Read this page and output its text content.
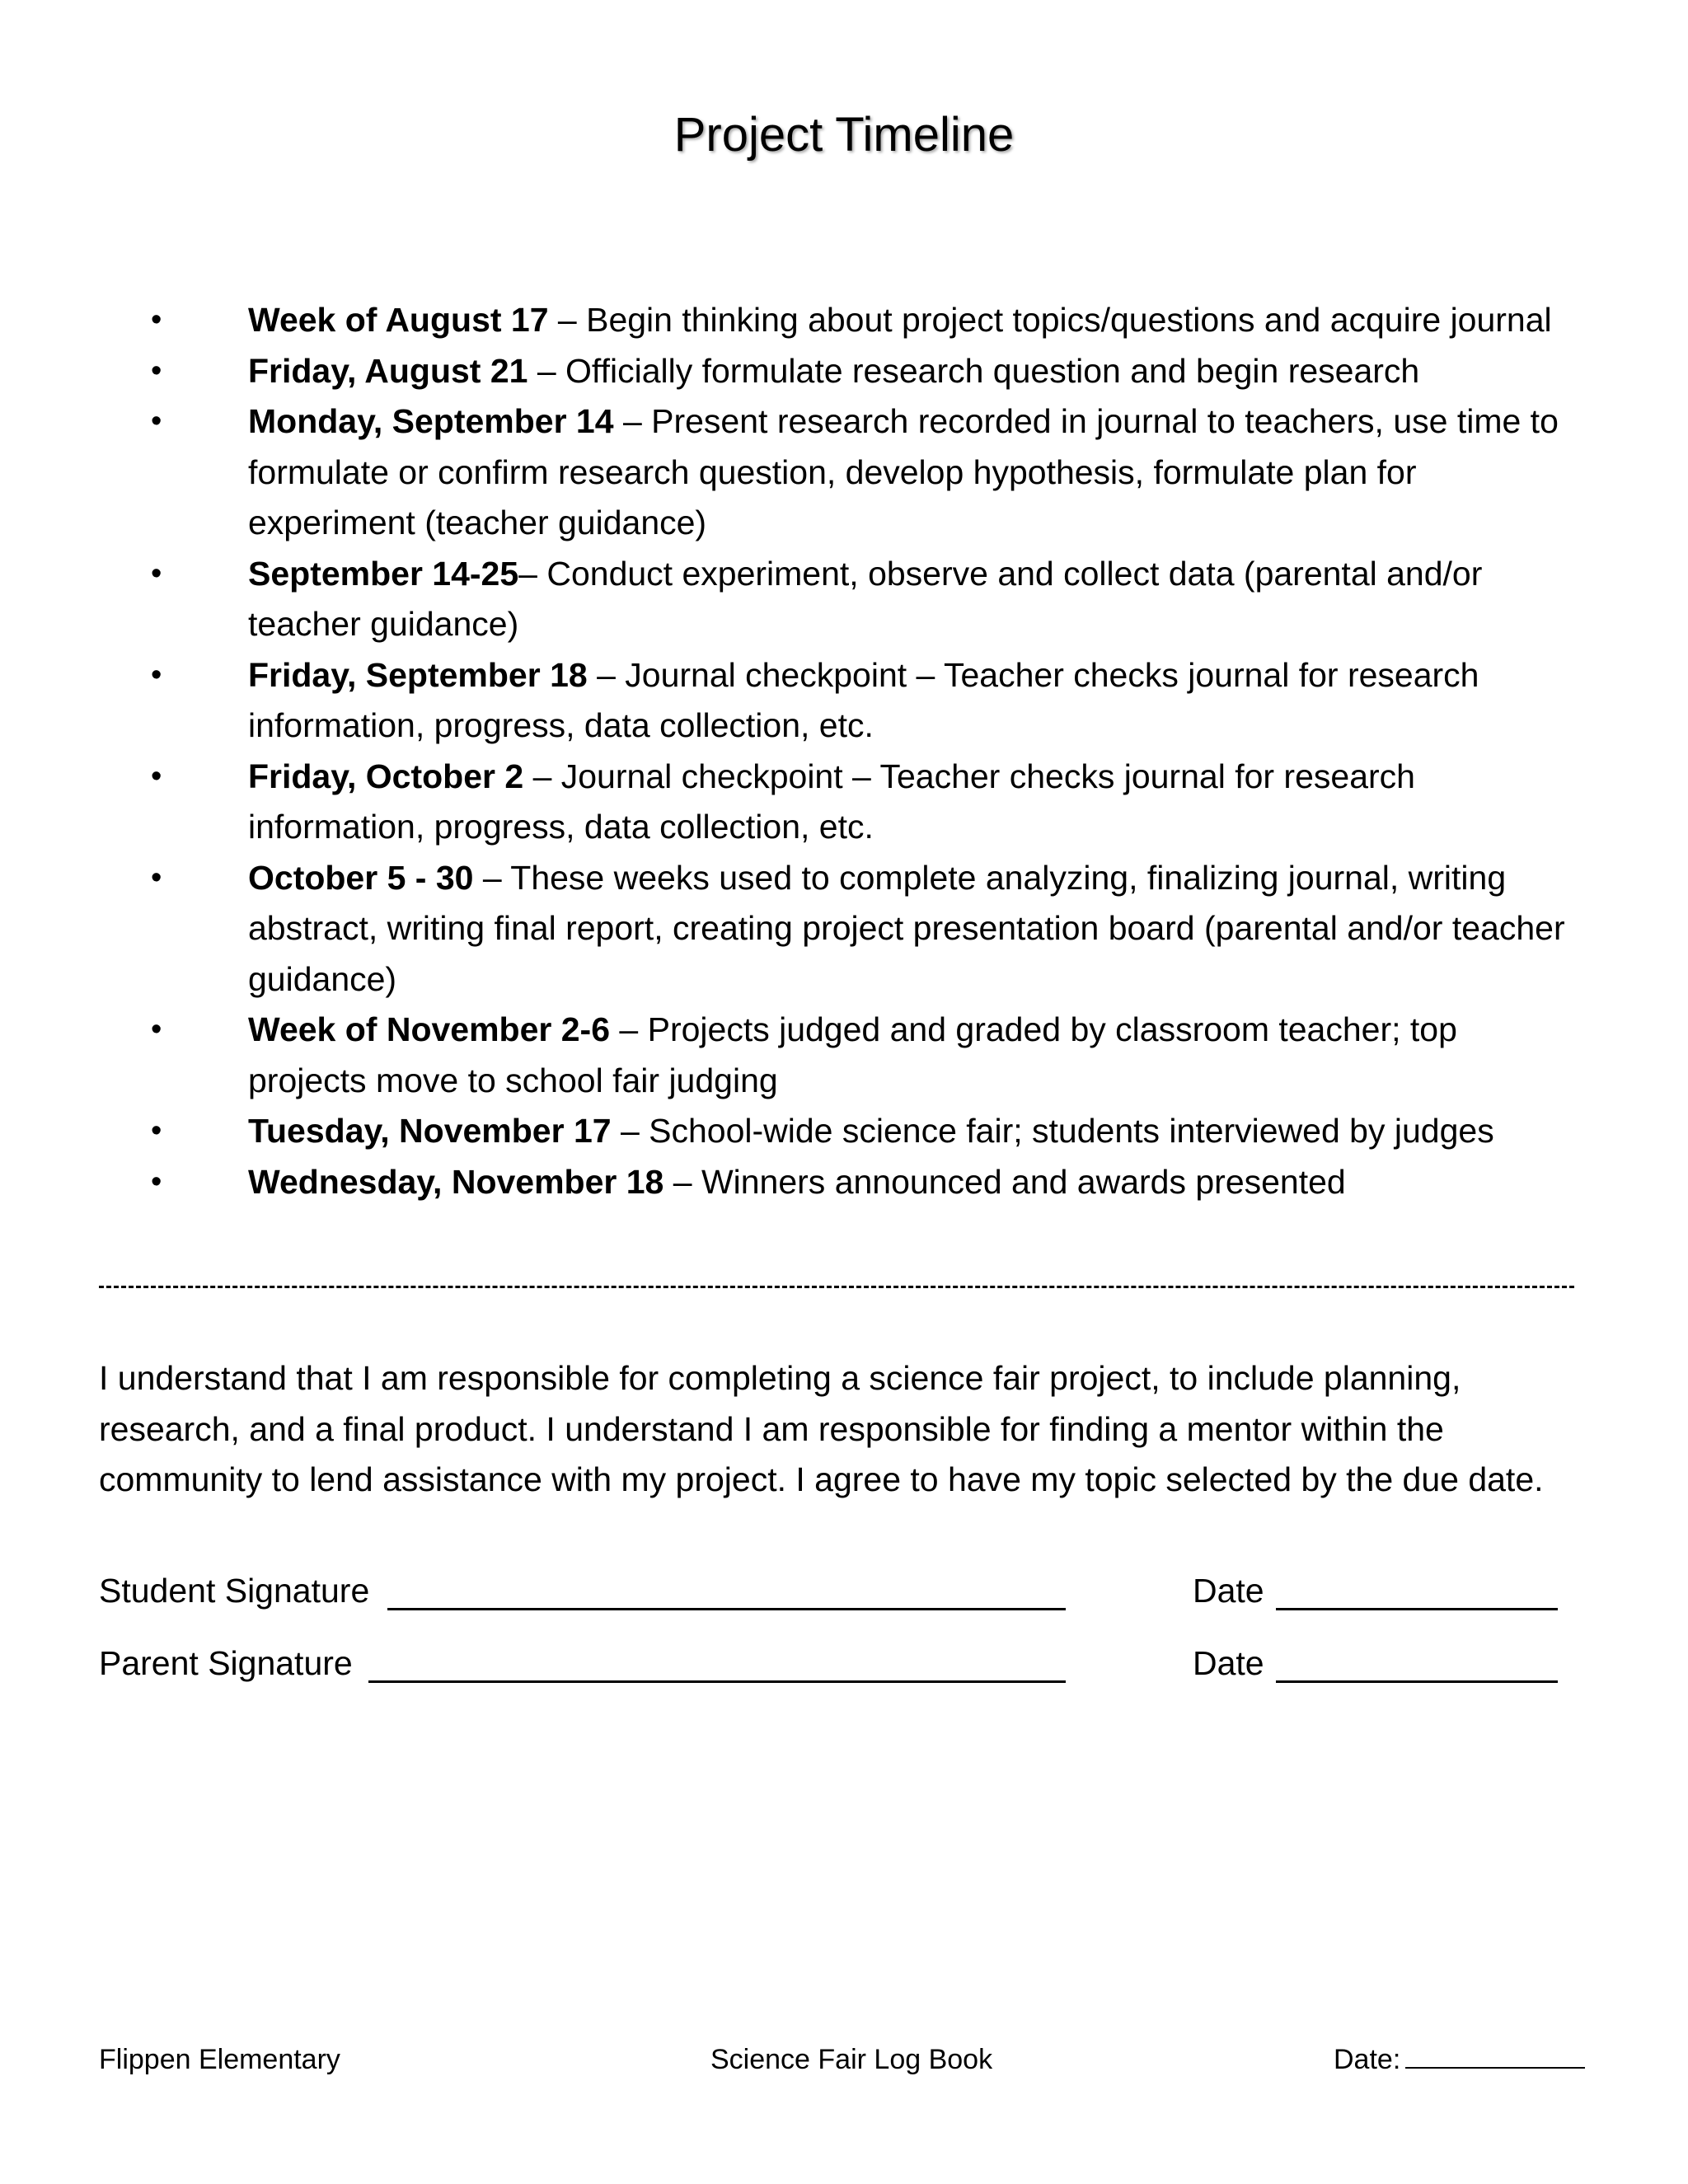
Project Timeline
•	Week of August 17 – Begin thinking about project topics/questions and acquire journal
•	Friday, August 21 – Officially formulate research question and begin research
•	Monday, September 14 – Present research recorded in journal to teachers, use time to formulate or confirm research question, develop hypothesis, formulate plan for experiment (teacher guidance)
•	September 14-25– Conduct experiment, observe and collect data (parental and/or teacher guidance)
•	Friday, September 18 – Journal checkpoint – Teacher checks journal for research information, progress, data collection, etc.
•	Friday, October 2 – Journal checkpoint – Teacher checks journal for research information, progress, data collection, etc.
•	October 5 - 30 – These weeks used to complete analyzing, finalizing journal, writing abstract, writing final report, creating project presentation board (parental and/or teacher guidance)
•	Week of November 2-6 – Projects judged and graded by classroom teacher; top projects move to school fair judging
•	Tuesday, November 17 – School-wide science fair; students interviewed by judges
•	Wednesday, November 18 – Winners announced and awards presented

I understand that I am responsible for completing a science fair project, to include planning, research, and a final product. I understand I am responsible for finding a mentor within the community to lend assistance with my project. I agree to have my topic selected by the due date.

Student Signature	Date
Parent Signature	Date
Flippen Elementary	Science Fair Log Book	Date:
